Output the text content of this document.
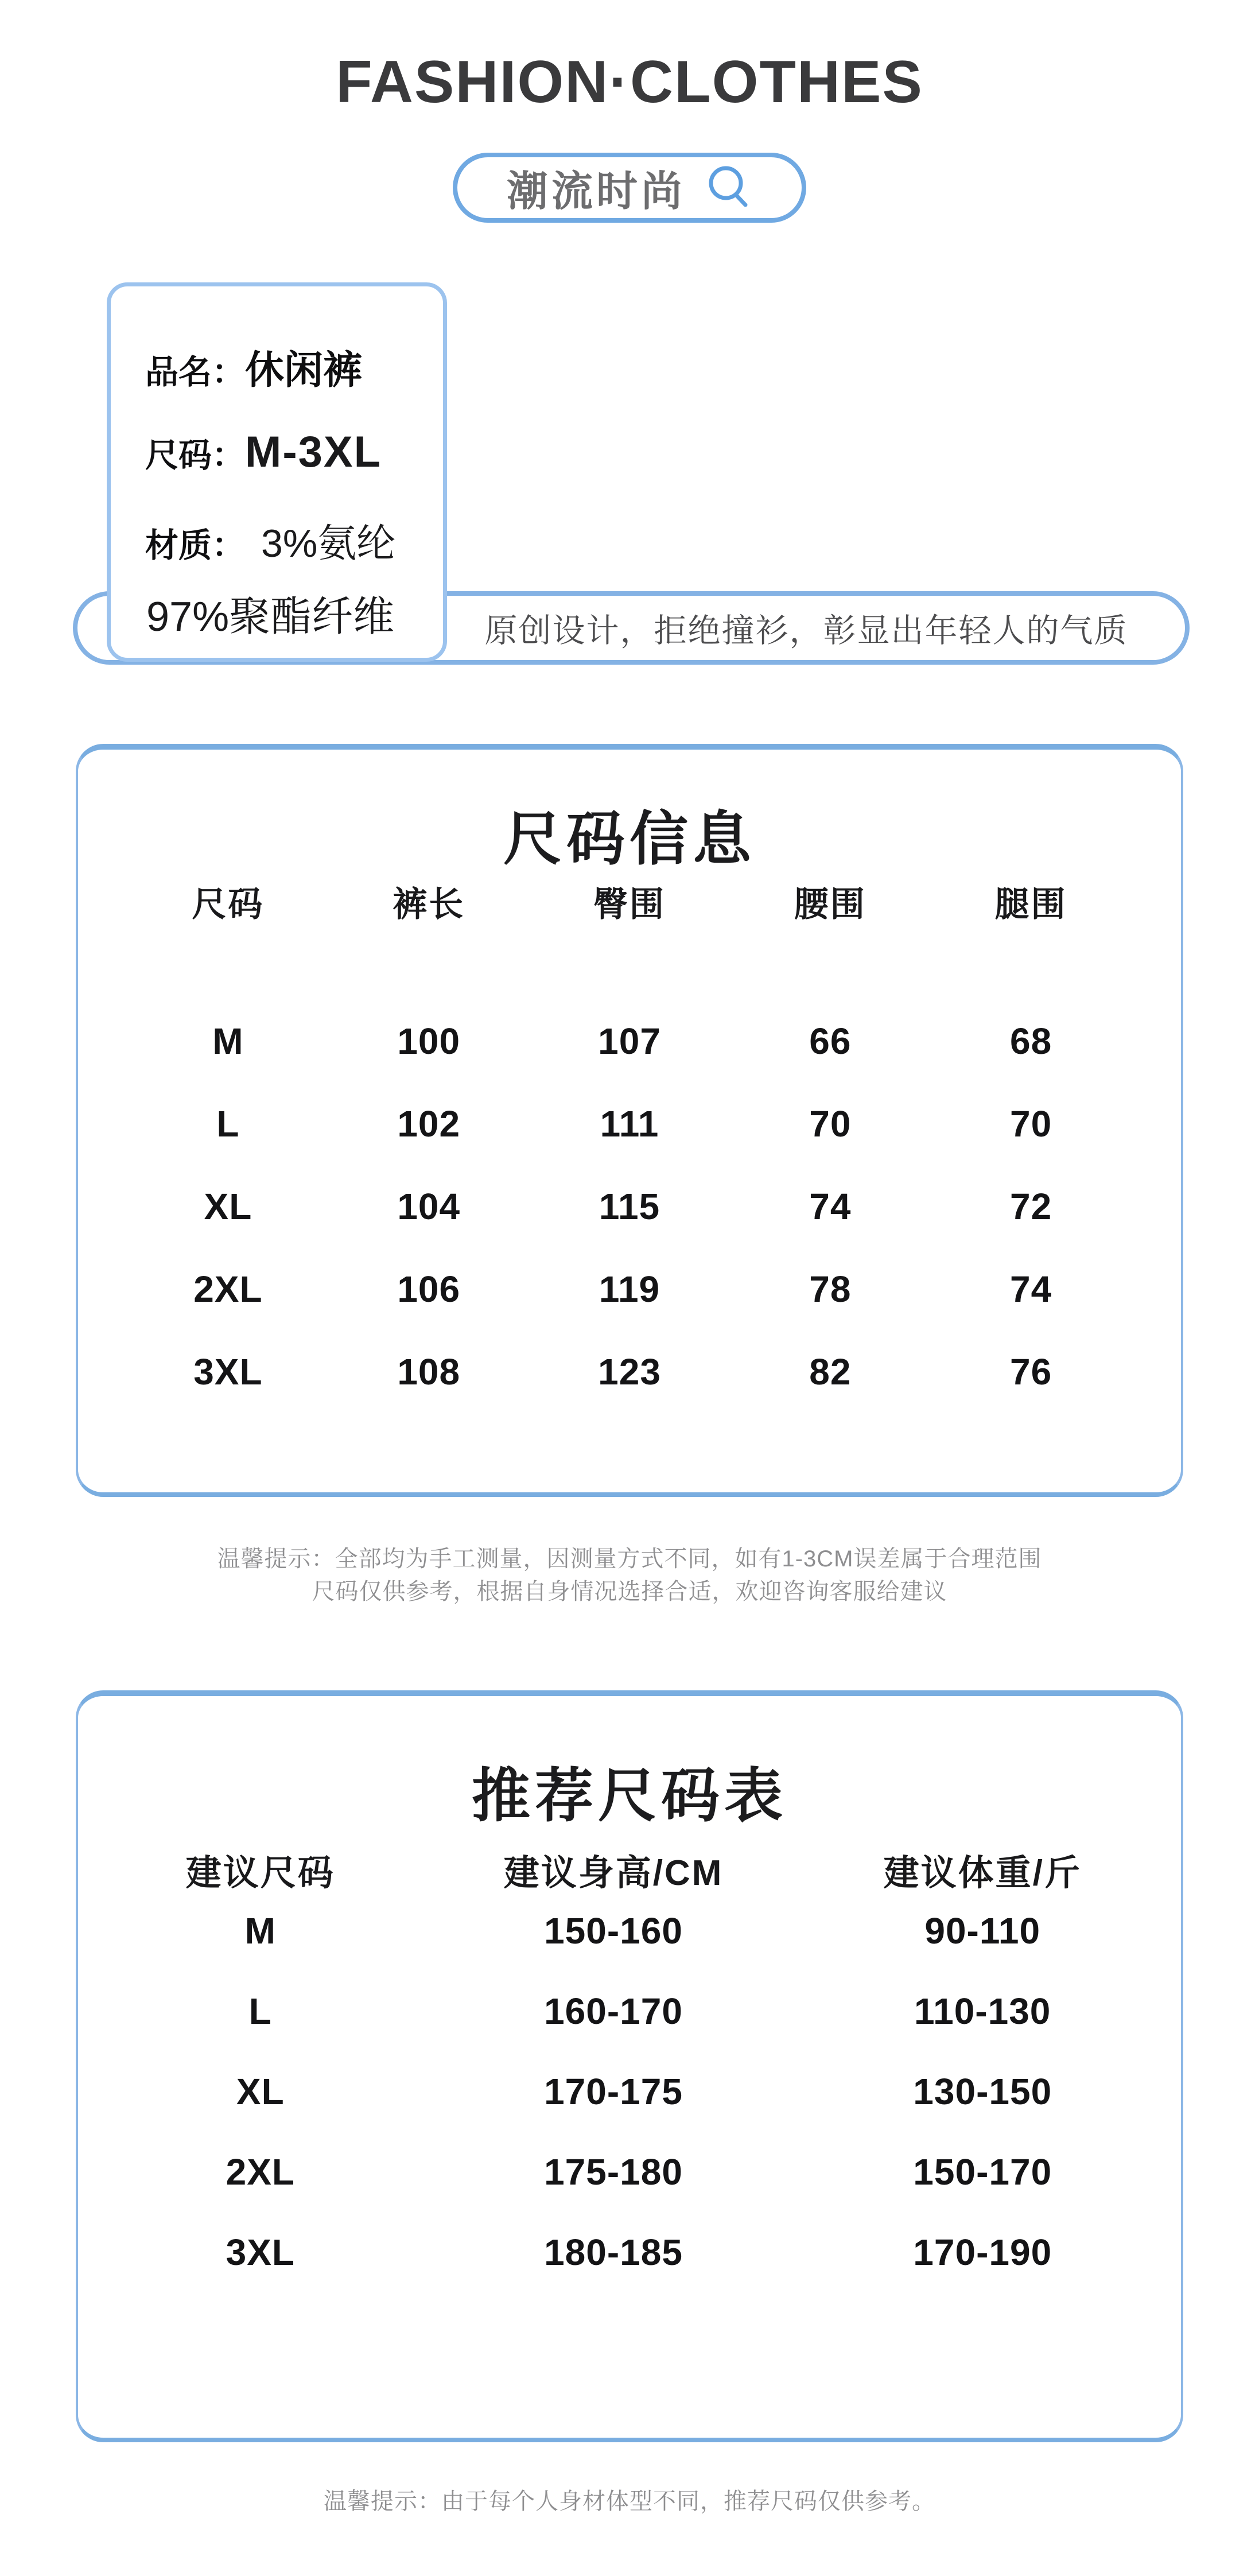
FASHION·CLOTHES
潮流时尚
品名： 休闲裤
尺码： M-3XL
材质： 3%氨纶
97%聚酯纤维	原创设计，拒绝撞衫，彰显出年轻人的气质
尺码信息
尺码	裤长	臀围	腰围	腿围
M	100	107	66	68
L	102	111	70	70
XL	104	115	74	72
2XL	106	119	78	74
3XL	108	123	82	76
温馨提示：全部均为手工测量，因测量方式不同，如有1-3CM误差属于合理范围
尺码仅供参考，根据自身情况选择合适，欢迎咨询客服给建议
推荐尺码表
建议尺码	建议身高/CM	建议体重/斤
M	150-160	90-110
L	160-170	110-130
XL	170-175	130-150
2XL	175-180	150-170
3XL	180-185	170-190
温馨提示：由于每个人身材体型不同，推荐尺码仅供参考。
